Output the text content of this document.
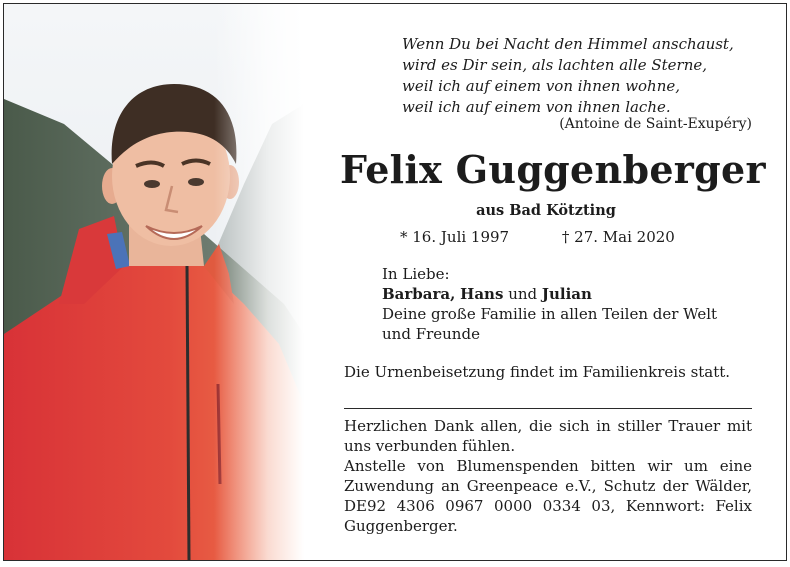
Wenn Du bei Nacht den Himmel anschaust,
wird es Dir sein, als lachten alle Sterne,
weil ich auf einem von ihnen wohne,
weil ich auf einem von ihnen lache.
(Antoine de Saint-Exupéry)
Felix Guggenberger
aus Bad Kötzting
* 16. Juli 1997	† 27. Mai 2020
In Liebe:
Barbara, Hans und Julian
Deine große Familie in allen Teilen der Welt
und Freunde
Die Urnenbeisetzung findet im Familienkreis statt.

Herzlichen Dank allen, die sich in stiller Trauer mit uns verbunden fühlen.

Anstelle von Blumenspenden bitten wir um eine Zuwendung an Greenpeace e.V., Schutz der Wälder, DE92 4306 0967 0000 0334 03, Kennwort: Felix Guggenberger.
